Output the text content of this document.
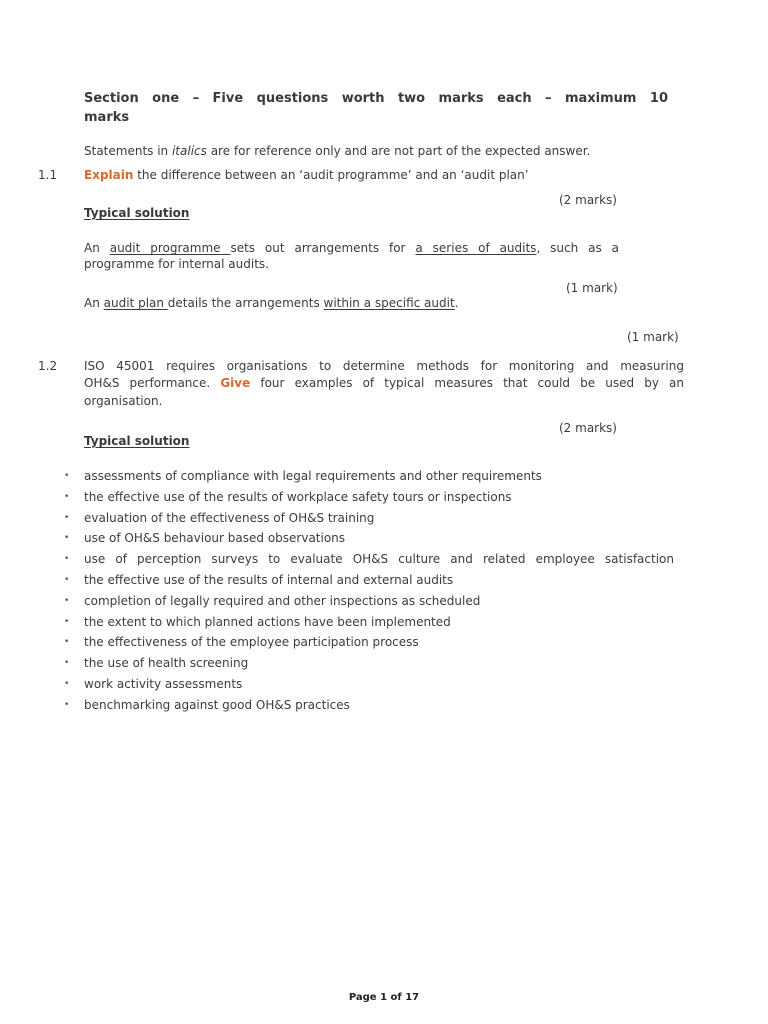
Section one – Five questions worth two marks each – maximum 10
marks
Statements in italics are for reference only and are not part of the expected answer.
1.1 Explain the difference between an ‘audit programme’ and an ‘audit plan’
(2 marks)
Typical solution
An audit programme sets out arrangements for a series of audits, such as a
programme for internal audits.
(1 mark)
An audit plan details the arrangements within a specific audit.
(1 mark)
1.2 ISO 45001 requires organisations to determine methods for monitoring and measuring
OH&S performance. Give four examples of typical measures that could be used by an
organisation.
(2 marks)
Typical solution
• assessments of compliance with legal requirements and other requirements
• the effective use of the results of workplace safety tours or inspections
• evaluation of the effectiveness of OH&S training
• use of OH&S behaviour based observations
• use of perception surveys to evaluate OH&S culture and related employee satisfaction
• the effective use of the results of internal and external audits
• completion of legally required and other inspections as scheduled
• the extent to which planned actions have been implemented
• the effectiveness of the employee participation process
• the use of health screening
• work activity assessments
• benchmarking against good OH&S practices
Page 1 of 17
